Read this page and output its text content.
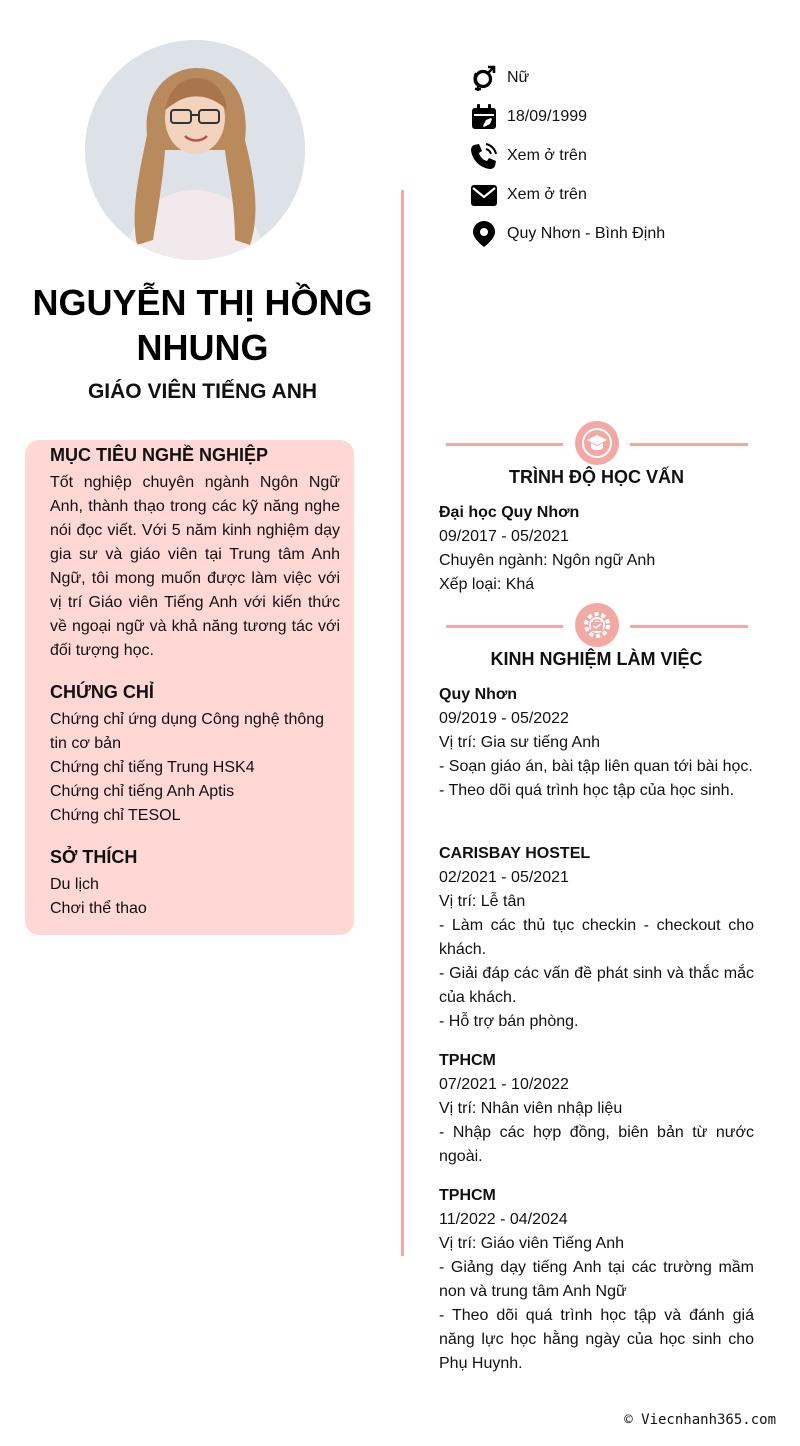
NGUYỄN THỊ HỒNG NHUNG
GIÁO VIÊN TIẾNG ANH
Nữ
18/09/1999
Xem ở trên
Xem ở trên
Quy Nhơn - Bình Định
MỤC TIÊU NGHỀ NGHIỆP

Tốt nghiệp chuyên ngành Ngôn Ngữ Anh, thành thạo trong các kỹ năng nghe nói đọc viết. Với 5 năm kinh nghiệm dạy gia sư và giáo viên tại Trung tâm Anh Ngữ, tôi mong muốn được làm việc với vị trí Giáo viên Tiếng Anh với kiến thức về ngoại ngữ và khả năng tương tác với đối tượng học.

CHỨNG CHỈ
Chứng chỉ ứng dụng Công nghệ thông tin cơ bản
Chứng chỉ tiếng Trung HSK4
Chứng chỉ tiếng Anh Aptis
Chứng chỉ TESOL
SỞ THÍCH
Du lịch
Chơi thể thao
TRÌNH ĐỘ HỌC VẤN
Đại học Quy Nhơn
09/2017 - 05/2021
Chuyên ngành: Ngôn ngữ Anh
Xếp loại: Khá
KINH NGHIỆM LÀM VIỆC
Quy Nhơn
09/2019 - 05/2022
Vị trí: Gia sư tiếng Anh
- Soạn giáo án, bài tập liên quan tới bài học.
- Theo dõi quá trình học tập của học sinh.
CARISBAY HOSTEL
02/2021 - 05/2021
Vị trí: Lễ tân
- Làm các thủ tục checkin - checkout cho khách.
- Giải đáp các vấn đề phát sinh và thắc mắc của khách.
- Hỗ trợ bán phòng.
TPHCM
07/2021 - 10/2022
Vị trí: Nhân viên nhập liệu
- Nhập các hợp đồng, biên bản từ nước ngoài.
TPHCM
11/2022 - 04/2024
Vị trí: Giáo viên Tiếng Anh
- Giảng dạy tiếng Anh tại các trường mầm non và trung tâm Anh Ngữ
- Theo dõi quá trình học tập và đánh giá năng lực học hằng ngày của học sinh cho Phụ Huynh.
© Viecnhanh365.com
